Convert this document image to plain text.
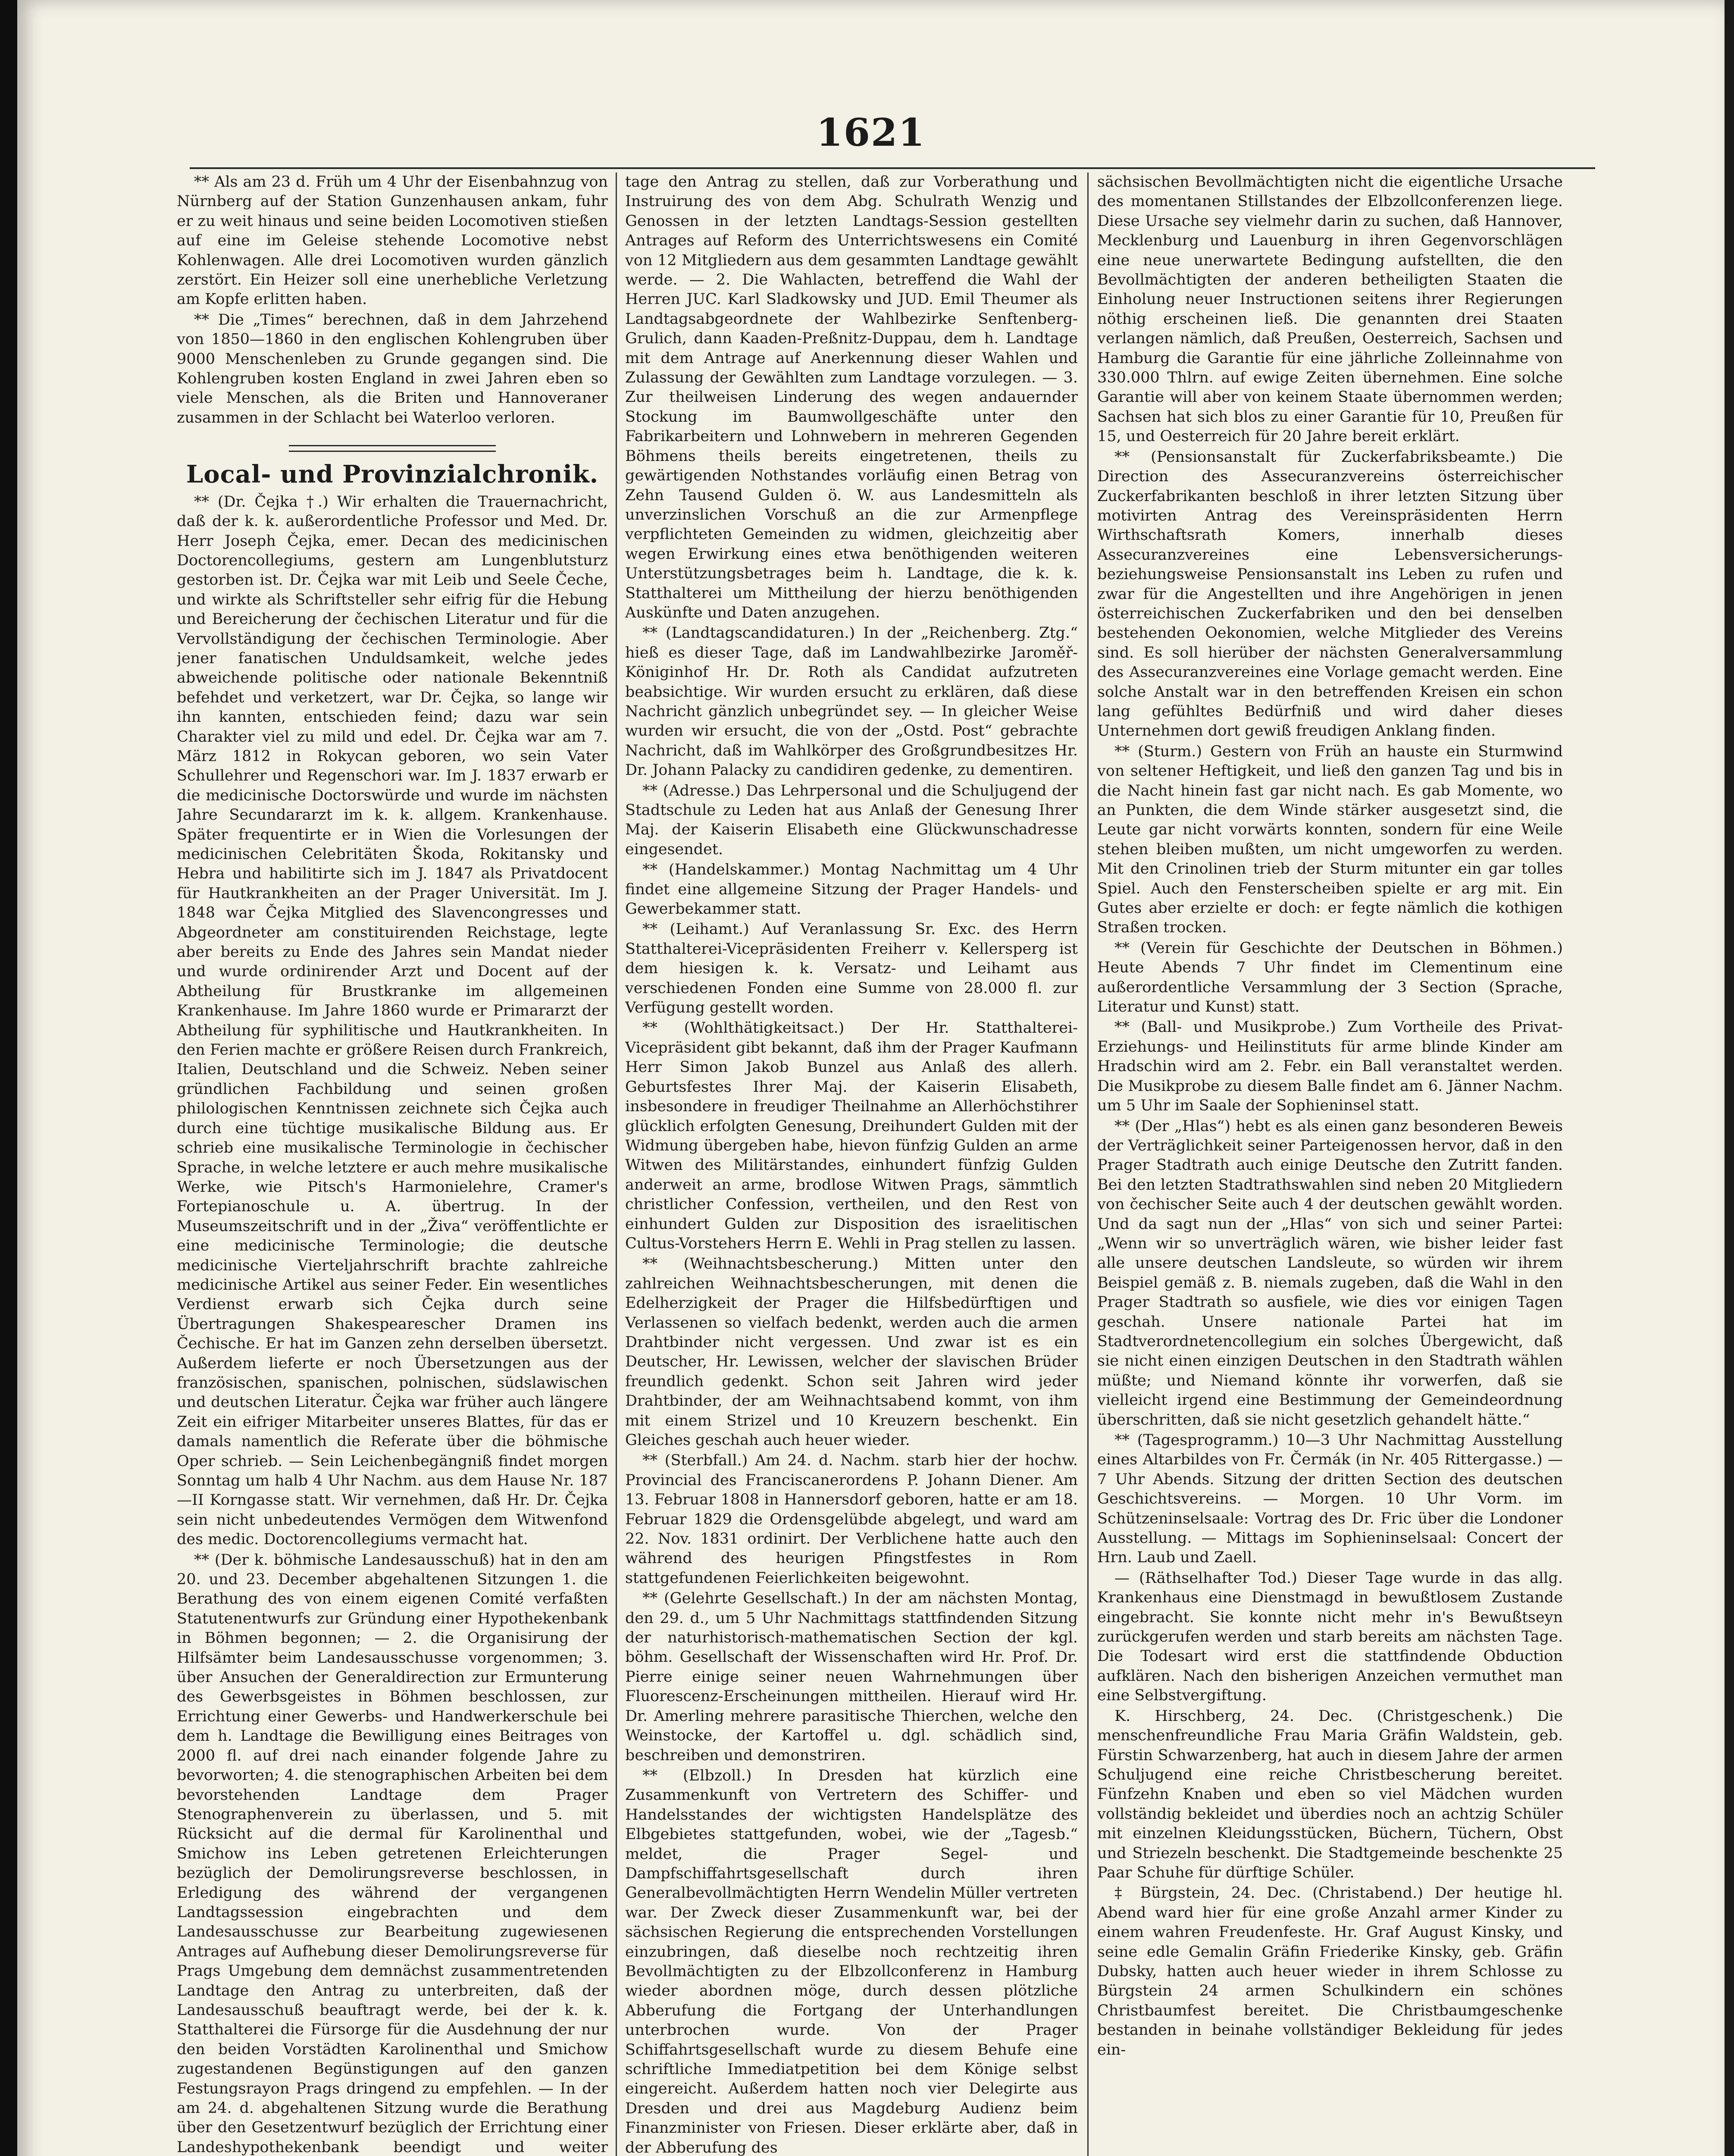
1621

** Als am 23 d. Früh um 4 Uhr der Eisenbahnzug von Nürnberg auf der Station Gunzenhausen ankam, fuhr er zu weit hinaus und seine beiden Locomotiven stießen auf eine im Geleise stehende Locomotive nebst Kohlenwagen. Alle drei Locomotiven wurden gänzlich zerstört. Ein Heizer soll eine unerhebliche Verletzung am Kopfe erlitten haben.

** Die „Times“ berechnen, daß in dem Jahrzehend von 1850—1860 in den englischen Kohlengruben über 9000 Menschenleben zu Grunde gegangen sind. Die Kohlengruben kosten England in zwei Jahren eben so viele Menschen, als die Briten und Hannoveraner zusammen in der Schlacht bei Waterloo verloren.

Local- und Provinzialchronik.

** (Dr. Čejka †.) Wir erhalten die Trauernachricht, daß der k. k. außerordentliche Professor und Med. Dr. Herr Joseph Čejka, emer. Decan des medicinischen Doctorencollegiums, gestern am Lungenblutsturz gestorben ist. Dr. Čejka war mit Leib und Seele Čeche, und wirkte als Schriftsteller sehr eifrig für die Hebung und Bereicherung der čechischen Literatur und für die Vervollständigung der čechischen Terminologie. Aber jener fanatischen Unduldsamkeit, welche jedes abweichende politische oder nationale Bekenntniß befehdet und verketzert, war Dr. Čejka, so lange wir ihn kannten, entschieden feind; dazu war sein Charakter viel zu mild und edel. Dr. Čejka war am 7. März 1812 in Rokycan geboren, wo sein Vater Schullehrer und Regenschori war. Im J. 1837 erwarb er die medicinische Doctorswürde und wurde im nächsten Jahre Secundararzt im k. k. allgem. Krankenhause. Später frequentirte er in Wien die Vorlesungen der medicinischen Celebritäten Škoda, Rokitansky und Hebra und habilitirte sich im J. 1847 als Privatdocent für Hautkrankheiten an der Prager Universität. Im J. 1848 war Čejka Mitglied des Slavencongresses und Abgeordneter am constituirenden Reichstage, legte aber bereits zu Ende des Jahres sein Mandat nieder und wurde ordinirender Arzt und Docent auf der Abtheilung für Brustkranke im allgemeinen Krankenhause. Im Jahre 1860 wurde er Primararzt der Abtheilung für syphilitische und Hautkrankheiten. In den Ferien machte er größere Reisen durch Frankreich, Italien, Deutschland und die Schweiz. Neben seiner gründlichen Fachbildung und seinen großen philologischen Kenntnissen zeichnete sich Čejka auch durch eine tüchtige musikalische Bildung aus. Er schrieb eine musikalische Terminologie in čechischer Sprache, in welche letztere er auch mehre musikalische Werke, wie Pitsch's Harmonielehre, Cramer's Fortepianoschule u. A. übertrug. In der Museumszeitschrift und in der „Živa“ veröffentlichte er eine medicinische Terminologie; die deutsche medicinische Vierteljahrschrift brachte zahlreiche medicinische Artikel aus seiner Feder. Ein wesentliches Verdienst erwarb sich Čejka durch seine Übertragungen Shakespearescher Dramen ins Čechische. Er hat im Ganzen zehn derselben übersetzt. Außerdem lieferte er noch Übersetzungen aus der französischen, spanischen, polnischen, südslawischen und deutschen Literatur. Čejka war früher auch längere Zeit ein eifriger Mitarbeiter unseres Blattes, für das er damals namentlich die Referate über die böhmische Oper schrieb. — Sein Leichenbegängniß findet morgen Sonntag um halb 4 Uhr Nachm. aus dem Hause Nr. 187—II Korngasse statt. Wir vernehmen, daß Hr. Dr. Čejka sein nicht unbedeutendes Vermögen dem Witwenfond des medic. Doctorencollegiums vermacht hat.

** (Der k. böhmische Landesausschuß) hat in den am 20. und 23. December abgehaltenen Sitzungen 1. die Berathung des von einem eigenen Comité verfaßten Statutenentwurfs zur Gründung einer Hypothekenbank in Böhmen begonnen; — 2. die Organisirung der Hilfsämter beim Landesausschusse vorgenommen; 3. über Ansuchen der Generaldirection zur Ermunterung des Gewerbsgeistes in Böhmen beschlossen, zur Errichtung einer Gewerbs- und Handwerkerschule bei dem h. Landtage die Bewilligung eines Beitrages von 2000 fl. auf drei nach einander folgende Jahre zu bevorworten; 4. die stenographischen Arbeiten bei dem bevorstehenden Landtage dem Prager Stenographenverein zu überlassen, und 5. mit Rücksicht auf die dermal für Karolinenthal und Smichow ins Leben getretenen Erleichterungen bezüglich der Demolirungsreverse beschlossen, in Erledigung des während der vergangenen Landtagssession eingebrachten und dem Landesausschusse zur Bearbeitung zugewiesenen Antrages auf Aufhebung dieser Demolirungsreverse für Prags Umgebung dem demnächst zusammentretenden Landtage den Antrag zu unterbreiten, daß der Landesausschuß beauftragt werde, bei der k. k. Statthalterei die Fürsorge für die Ausdehnung der nur den beiden Vorstädten Karolinenthal und Smichow zugestandenen Begünstigungen auf den ganzen Festungsrayon Prags dringend zu empfehlen. — In der am 24. d. abgehaltenen Sitzung wurde die Berathung über den Gesetzentwurf bezüglich der Errichtung einer Landeshypothekenbank beendigt und weiter

tage den Antrag zu stellen, daß zur Vorberathung und Instruirung des von dem Abg. Schulrath Wenzig und Genossen in der letzten Landtags-Session gestellten Antrages auf Reform des Unterrichtswesens ein Comité von 12 Mitgliedern aus dem gesammten Landtage gewählt werde. — 2. Die Wahlacten, betreffend die Wahl der Herren JUC. Karl Sladkowsky und JUD. Emil Theumer als Landtagsabgeordnete der Wahlbezirke Senftenberg-Grulich, dann Kaaden-Preßnitz-Duppau, dem h. Landtage mit dem Antrage auf Anerkennung dieser Wahlen und Zulassung der Gewählten zum Landtage vorzulegen. — 3. Zur theilweisen Linderung des wegen andauernder Stockung im Baumwollgeschäfte unter den Fabrikarbeitern und Lohnwebern in mehreren Gegenden Böhmens theils bereits eingetretenen, theils zu gewärtigenden Nothstandes vorläufig einen Betrag von Zehn Tausend Gulden ö. W. aus Landesmitteln als unverzinslichen Vorschuß an die zur Armenpflege verpflichteten Gemeinden zu widmen, gleichzeitig aber wegen Erwirkung eines etwa benöthigenden weiteren Unterstützungsbetrages beim h. Landtage, die k. k. Statthalterei um Mittheilung der hierzu benöthigenden Auskünfte und Daten anzugehen.

** (Landtagscandidaturen.) In der „Reichenberg. Ztg.“ hieß es dieser Tage, daß im Landwahlbezirke Jaroměř-Königinhof Hr. Dr. Roth als Candidat aufzutreten beabsichtige. Wir wurden ersucht zu erklären, daß diese Nachricht gänzlich unbegründet sey. — In gleicher Weise wurden wir ersucht, die von der „Ostd. Post“ gebrachte Nachricht, daß im Wahlkörper des Großgrundbesitzes Hr. Dr. Johann Palacky zu candidiren gedenke, zu dementiren.

** (Adresse.) Das Lehrpersonal und die Schuljugend der Stadtschule zu Leden hat aus Anlaß der Genesung Ihrer Maj. der Kaiserin Elisabeth eine Glückwunschadresse eingesendet.

** (Handelskammer.) Montag Nachmittag um 4 Uhr findet eine allgemeine Sitzung der Prager Handels- und Gewerbekammer statt.

** (Leihamt.) Auf Veranlassung Sr. Exc. des Herrn Statthalterei-Vicepräsidenten Freiherr v. Kellersperg ist dem hiesigen k. k. Versatz- und Leihamt aus verschiedenen Fonden eine Summe von 28.000 fl. zur Verfügung gestellt worden.

** (Wohlthätigkeitsact.) Der Hr. Statthalterei-Vicepräsident gibt bekannt, daß ihm der Prager Kaufmann Herr Simon Jakob Bunzel aus Anlaß des allerh. Geburtsfestes Ihrer Maj. der Kaiserin Elisabeth, insbesondere in freudiger Theilnahme an Allerhöchstihrer glücklich erfolgten Genesung, Dreihundert Gulden mit der Widmung übergeben habe, hievon fünfzig Gulden an arme Witwen des Militärstandes, einhundert fünfzig Gulden anderweit an arme, brodlose Witwen Prags, sämmtlich christlicher Confession, vertheilen, und den Rest von einhundert Gulden zur Disposition des israelitischen Cultus-Vorstehers Herrn E. Wehli in Prag stellen zu lassen.

** (Weihnachtsbescherung.) Mitten unter den zahlreichen Weihnachtsbescherungen, mit denen die Edelherzigkeit der Prager die Hilfsbedürftigen und Verlassenen so vielfach bedenkt, werden auch die armen Drahtbinder nicht vergessen. Und zwar ist es ein Deutscher, Hr. Lewissen, welcher der slavischen Brüder freundlich gedenkt. Schon seit Jahren wird jeder Drahtbinder, der am Weihnachtsabend kommt, von ihm mit einem Strizel und 10 Kreuzern beschenkt. Ein Gleiches geschah auch heuer wieder.

** (Sterbfall.) Am 24. d. Nachm. starb hier der hochw. Provincial des Franciscanerordens P. Johann Diener. Am 13. Februar 1808 in Hannersdorf geboren, hatte er am 18. Februar 1829 die Ordensgelübde abgelegt, und ward am 22. Nov. 1831 ordinirt. Der Verblichene hatte auch den während des heurigen Pfingstfestes in Rom stattgefundenen Feierlichkeiten beigewohnt.

** (Gelehrte Gesellschaft.) In der am nächsten Montag, den 29. d., um 5 Uhr Nachmittags stattfindenden Sitzung der naturhistorisch-mathematischen Section der kgl. böhm. Gesellschaft der Wissenschaften wird Hr. Prof. Dr. Pierre einige seiner neuen Wahrnehmungen über Fluorescenz-Erscheinungen mittheilen. Hierauf wird Hr. Dr. Amerling mehrere parasitische Thierchen, welche den Weinstocke, der Kartoffel u. dgl. schädlich sind, beschreiben und demonstriren.

** (Elbzoll.) In Dresden hat kürzlich eine Zusammenkunft von Vertretern des Schiffer- und Handelsstandes der wichtigsten Handelsplätze des Elbgebietes stattgefunden, wobei, wie der „Tagesb.“ meldet, die Prager Segel- und Dampfschiffahrtsgesellschaft durch ihren Generalbevollmächtigten Herrn Wendelin Müller vertreten war. Der Zweck dieser Zusammenkunft war, bei der sächsischen Regierung die entsprechenden Vorstellungen einzubringen, daß dieselbe noch rechtzeitig ihren Bevollmächtigten zu der Elbzollconferenz in Hamburg wieder abordnen möge, durch dessen plötzliche Abberufung die Fortgang der Unterhandlungen unterbrochen wurde. Von der Prager Schiffahrtsgesellschaft wurde zu diesem Behufe eine schriftliche Immediatpetition bei dem Könige selbst eingereicht. Außerdem hatten noch vier Delegirte aus Dresden und drei aus Magdeburg Audienz beim Finanzminister von Friesen. Dieser erklärte aber, daß in der Abberufung des

sächsischen Bevollmächtigten nicht die eigentliche Ursache des momentanen Stillstandes der Elbzollconferenzen liege. Diese Ursache sey vielmehr darin zu suchen, daß Hannover, Mecklenburg und Lauenburg in ihren Gegenvorschlägen eine neue unerwartete Bedingung aufstellten, die den Bevollmächtigten der anderen betheiligten Staaten die Einholung neuer Instructionen seitens ihrer Regierungen nöthig erscheinen ließ. Die genannten drei Staaten verlangen nämlich, daß Preußen, Oesterreich, Sachsen und Hamburg die Garantie für eine jährliche Zolleinnahme von 330.000 Thlrn. auf ewige Zeiten übernehmen. Eine solche Garantie will aber von keinem Staate übernommen werden; Sachsen hat sich blos zu einer Garantie für 10, Preußen für 15, und Oesterreich für 20 Jahre bereit erklärt.

** (Pensionsanstalt für Zuckerfabriksbeamte.) Die Direction des Assecuranzvereins österreichischer Zuckerfabrikanten beschloß in ihrer letzten Sitzung über motivirten Antrag des Vereinspräsidenten Herrn Wirthschaftsrath Komers, innerhalb dieses Assecuranzvereines eine Lebensversicherungs- beziehungsweise Pensionsanstalt ins Leben zu rufen und zwar für die Angestellten und ihre Angehörigen in jenen österreichischen Zuckerfabriken und den bei denselben bestehenden Oekonomien, welche Mitglieder des Vereins sind. Es soll hierüber der nächsten Generalversammlung des Assecuranzvereines eine Vorlage gemacht werden. Eine solche Anstalt war in den betreffenden Kreisen ein schon lang gefühltes Bedürfniß und wird daher dieses Unternehmen dort gewiß freudigen Anklang finden.

** (Sturm.) Gestern von Früh an hauste ein Sturmwind von seltener Heftigkeit, und ließ den ganzen Tag und bis in die Nacht hinein fast gar nicht nach. Es gab Momente, wo an Punkten, die dem Winde stärker ausgesetzt sind, die Leute gar nicht vorwärts konnten, sondern für eine Weile stehen bleiben mußten, um nicht umgeworfen zu werden. Mit den Crinolinen trieb der Sturm mitunter ein gar tolles Spiel. Auch den Fensterscheiben spielte er arg mit. Ein Gutes aber erzielte er doch: er fegte nämlich die kothigen Straßen trocken.

** (Verein für Geschichte der Deutschen in Böhmen.) Heute Abends 7 Uhr findet im Clementinum eine außerordentliche Versammlung der 3 Section (Sprache, Literatur und Kunst) statt.

** (Ball- und Musikprobe.) Zum Vortheile des Privat-Erziehungs- und Heilinstituts für arme blinde Kinder am Hradschin wird am 2. Febr. ein Ball veranstaltet werden. Die Musikprobe zu diesem Balle findet am 6. Jänner Nachm. um 5 Uhr im Saale der Sophieninsel statt.

** (Der „Hlas“) hebt es als einen ganz besonderen Beweis der Verträglichkeit seiner Parteigenossen hervor, daß in den Prager Stadtrath auch einige Deutsche den Zutritt fanden. Bei den letzten Stadtrathswahlen sind neben 20 Mitgliedern von čechischer Seite auch 4 der deutschen gewählt worden. Und da sagt nun der „Hlas“ von sich und seiner Partei: „Wenn wir so unverträglich wären, wie bisher leider fast alle unsere deutschen Landsleute, so würden wir ihrem Beispiel gemäß z. B. niemals zugeben, daß die Wahl in den Prager Stadtrath so ausfiele, wie dies vor einigen Tagen geschah. Unsere nationale Partei hat im Stadtverordnetencollegium ein solches Übergewicht, daß sie nicht einen einzigen Deutschen in den Stadtrath wählen müßte; und Niemand könnte ihr vorwerfen, daß sie vielleicht irgend eine Bestimmung der Gemeindeordnung überschritten, daß sie nicht gesetzlich gehandelt hätte.“

** (Tagesprogramm.) 10—3 Uhr Nachmittag Ausstellung eines Altarbildes von Fr. Čermák (in Nr. 405 Rittergasse.) — 7 Uhr Abends. Sitzung der dritten Section des deutschen Geschichtsvereins. — Morgen. 10 Uhr Vorm. im Schützeninselsaale: Vortrag des Dr. Fric über die Londoner Ausstellung. — Mittags im Sophieninselsaal: Concert der Hrn. Laub und Zaell.

— (Räthselhafter Tod.) Dieser Tage wurde in das allg. Krankenhaus eine Dienstmagd in bewußtlosem Zustande eingebracht. Sie konnte nicht mehr in's Bewußtseyn zurückgerufen werden und starb bereits am nächsten Tage. Die Todesart wird erst die stattfindende Obduction aufklären. Nach den bisherigen Anzeichen vermuthet man eine Selbstvergiftung.

K. Hirschberg, 24. Dec. (Christgeschenk.) Die menschenfreundliche Frau Maria Gräfin Waldstein, geb. Fürstin Schwarzenberg, hat auch in diesem Jahre der armen Schuljugend eine reiche Christbescherung bereitet. Fünfzehn Knaben und eben so viel Mädchen wurden vollständig bekleidet und überdies noch an achtzig Schüler mit einzelnen Kleidungsstücken, Büchern, Tüchern, Obst und Striezeln beschenkt. Die Stadtgemeinde beschenkte 25 Paar Schuhe für dürftige Schüler.

‡ Bürgstein, 24. Dec. (Christabend.) Der heutige hl. Abend ward hier für eine große Anzahl armer Kinder zu einem wahren Freudenfeste. Hr. Graf August Kinsky, und seine edle Gemalin Gräfin Friederike Kinsky, geb. Gräfin Dubsky, hatten auch heuer wieder in ihrem Schlosse zu Bürgstein 24 armen Schulkindern ein schönes Christbaumfest bereitet. Die Christbaumgeschenke bestanden in beinahe vollständiger Bekleidung für jedes ein-
